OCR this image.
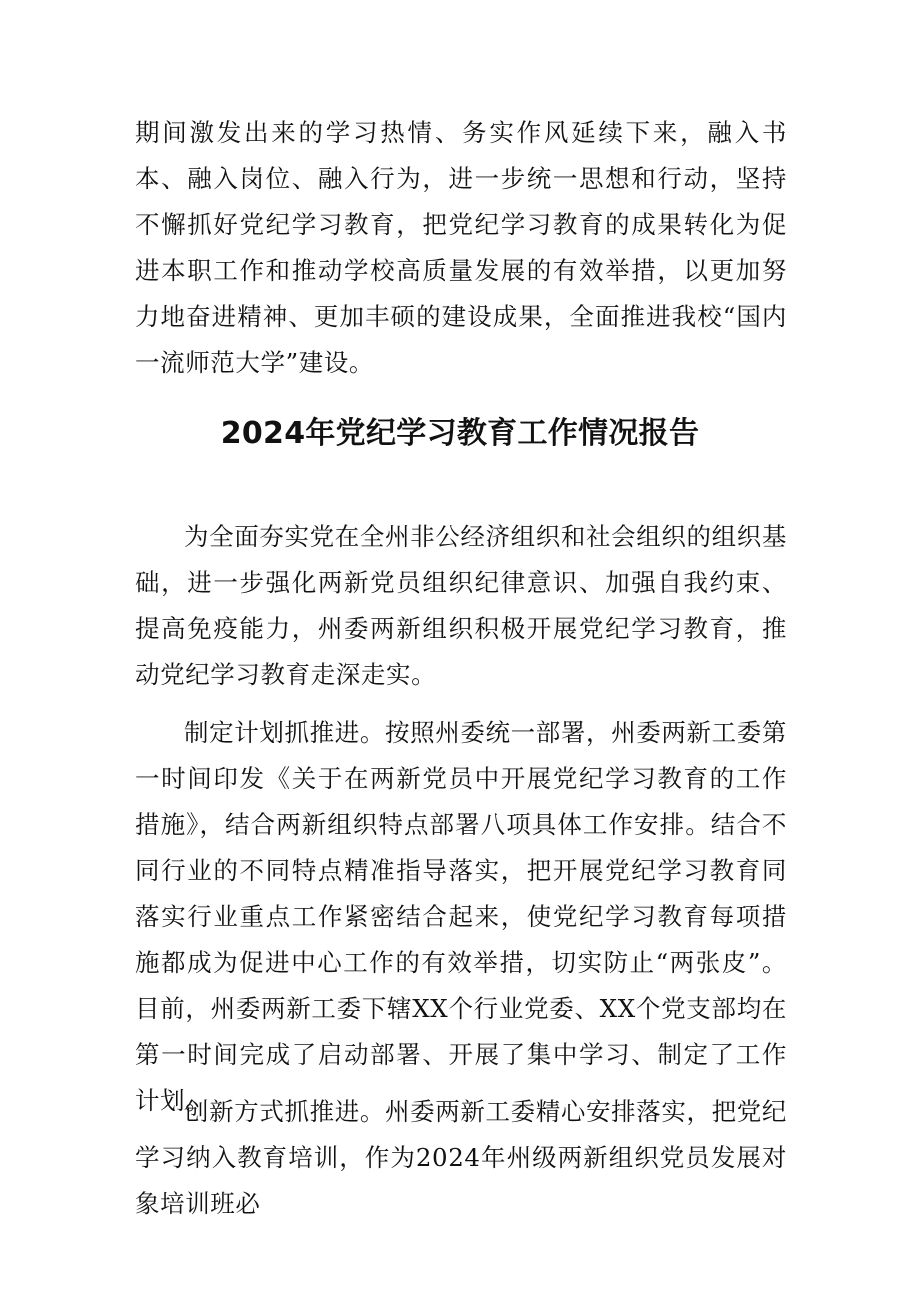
期间激发出来的学习热情、务实作风延续下来，融入书本、融入岗位、融入行为，进一步统一思想和行动，坚持不懈抓好党纪学习教育，把党纪学习教育的成果转化为促进本职工作和推动学校高质量发展的有效举措，以更加努力地奋进精神、更加丰硕的建设成果，全面推进我校“国内一流师范大学”建设。

2024年党纪学习教育工作情况报告

为全面夯实党在全州非公经济组织和社会组织的组织基础，进一步强化两新党员组织纪律意识、加强自我约束、提高免疫能力，州委两新组织积极开展党纪学习教育，推动党纪学习教育走深走实。

制定计划抓推进。按照州委统一部署，州委两新工委第一时间印发《关于在两新党员中开展党纪学习教育的工作措施》，结合两新组织特点部署八项具体工作安排。结合不同行业的不同特点精准指导落实，把开展党纪学习教育同落实行业重点工作紧密结合起来，使党纪学习教育每项措施都成为促进中心工作的有效举措，切实防止“两张皮”。目前，州委两新工委下辖XX个行业党委、XX个党支部均在第一时间完成了启动部署、开展了集中学习、制定了工作计划。

创新方式抓推进。州委两新工委精心安排落实，把党纪学习纳入教育培训，作为2024年州级两新组织党员发展对象培训班必
